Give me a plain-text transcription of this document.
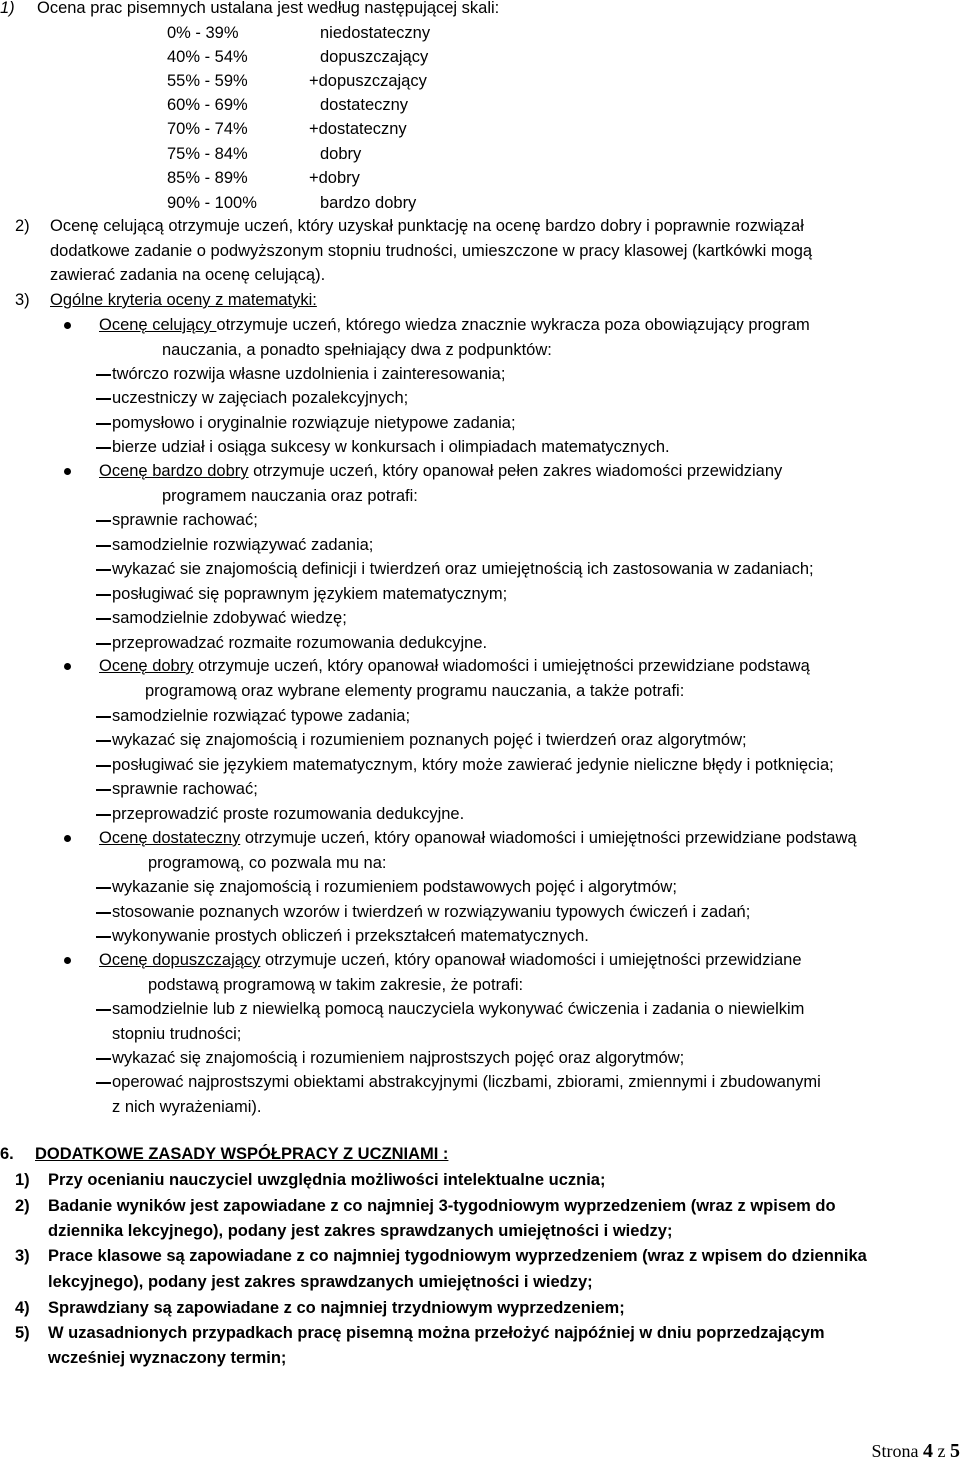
1) Ocena prac pisemnych ustalana jest według następującej skali:
0% - 39%	niedostateczny
40% - 54%	dopuszczający
55% - 59%	+dopuszczający
60% - 69%	dostateczny
70% - 74%	+dostateczny
75% - 84%	dobry
85% - 89%	+dobry
90% - 100%	bardzo dobry
2) Ocenę celującą otrzymuje uczeń, który uzyskał punktację na ocenę bardzo dobry i poprawnie rozwiązał
dodatkowe zadanie o podwyższonym stopniu trudności, umieszczone w pracy klasowej (kartkówki mogą
zawierać zadania na ocenę celującą).
3) Ogólne kryteria oceny z matematyki:
Ocenę celujący otrzymuje uczeń, którego wiedza znacznie wykracza poza obowiązujący program
nauczania, a ponadto spełniający dwa z podpunktów:
twórczo rozwija własne uzdolnienia i zainteresowania;
uczestniczy w zajęciach pozalekcyjnych;
pomysłowo i oryginalnie rozwiązuje nietypowe zadania;
bierze udział i osiąga sukcesy w konkursach i olimpiadach matematycznych.
Ocenę bardzo dobry otrzymuje uczeń, który opanował pełen zakres wiadomości przewidziany
programem nauczania oraz potrafi:
sprawnie rachować;
samodzielnie rozwiązywać zadania;
wykazać sie znajomością definicji i twierdzeń oraz umiejętnością ich zastosowania w zadaniach;
posługiwać się poprawnym językiem matematycznym;
samodzielnie zdobywać wiedzę;
przeprowadzać rozmaite rozumowania dedukcyjne.
Ocenę dobry otrzymuje uczeń, który opanował wiadomości i umiejętności przewidziane podstawą
programową oraz wybrane elementy programu nauczania, a także potrafi:
samodzielnie rozwiązać typowe zadania;
wykazać się znajomością i rozumieniem poznanych pojęć i twierdzeń oraz algorytmów;
posługiwać sie językiem matematycznym, który może zawierać jedynie nieliczne błędy i potknięcia;
sprawnie rachować;
przeprowadzić proste rozumowania dedukcyjne.
Ocenę dostateczny otrzymuje uczeń, który opanował wiadomości i umiejętności przewidziane podstawą
programową, co pozwala mu na:
wykazanie się znajomością i rozumieniem podstawowych pojęć i algorytmów;
stosowanie poznanych wzorów i twierdzeń w rozwiązywaniu typowych ćwiczeń i zadań;
wykonywanie prostych obliczeń i przekształceń matematycznych.
Ocenę dopuszczający otrzymuje uczeń, który opanował wiadomości i umiejętności przewidziane
podstawą programową w takim zakresie, że potrafi:
samodzielnie lub z niewielką pomocą nauczyciela wykonywać ćwiczenia i zadania o niewielkim
stopniu trudności;
wykazać się znajomością i rozumieniem najprostszych pojęć oraz algorytmów;
operować najprostszymi obiektami abstrakcyjnymi (liczbami, zbiorami, zmiennymi i zbudowanymi
z nich wyrażeniami).
6. DODATKOWE ZASADY WSPÓŁPRACY Z UCZNIAMI :
1) Przy ocenianiu nauczyciel uwzględnia możliwości intelektualne ucznia;
2) Badanie wyników jest zapowiadane z co najmniej 3-tygodniowym wyprzedzeniem (wraz z wpisem do
dziennika lekcyjnego), podany jest zakres sprawdzanych umiejętności i wiedzy;
3) Prace klasowe są zapowiadane z co najmniej tygodniowym wyprzedzeniem (wraz z wpisem do dziennika
lekcyjnego), podany jest zakres sprawdzanych umiejętności i wiedzy;
4) Sprawdziany są zapowiadane z co najmniej trzydniowym wyprzedzeniem;
5) W uzasadnionych przypadkach pracę pisemną można przełożyć najpóźniej w dniu poprzedzającym
wcześniej wyznaczony termin;
Strona 4 z 5
